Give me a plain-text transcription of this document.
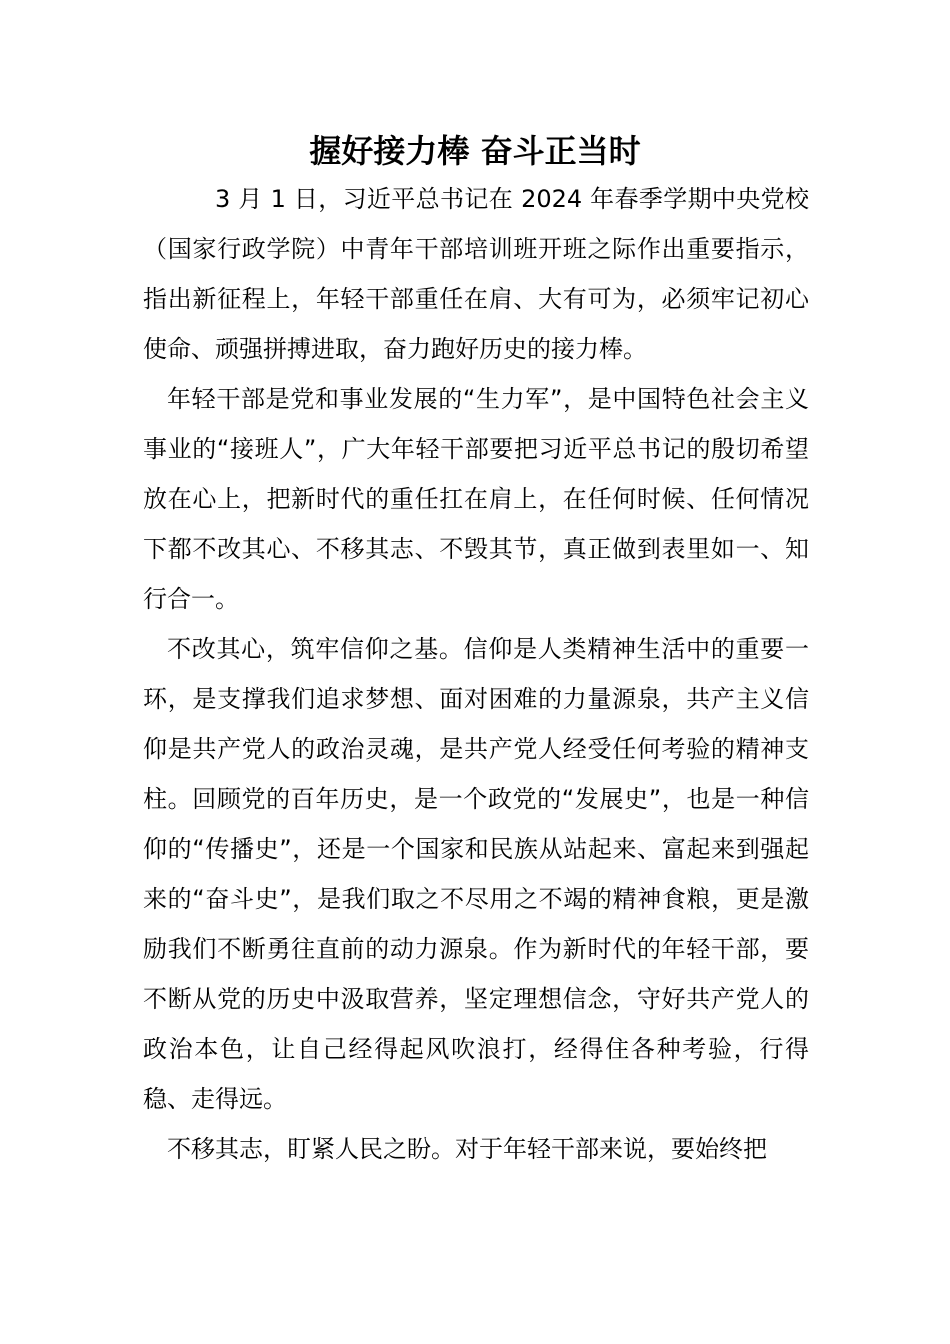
握好接力棒 奋斗正当时

3 月 1 日，习近平总书记在 2024 年春季学期中央党校（国家行政学院）中青年干部培训班开班之际作出重要指示，指出新征程上，年轻干部重任在肩、大有可为，必须牢记初心使命、顽强拼搏进取，奋力跑好历史的接力棒。

年轻干部是党和事业发展的“生力军”，是中国特色社会主义事业的“接班人”，广大年轻干部要把习近平总书记的殷切希望放在心上，把新时代的重任扛在肩上，在任何时候、任何情况下都不改其心、不移其志、不毁其节，真正做到表里如一、知行合一。

不改其心，筑牢信仰之基。信仰是人类精神生活中的重要一环，是支撑我们追求梦想、面对困难的力量源泉，共产主义信仰是共产党人的政治灵魂，是共产党人经受任何考验的精神支柱。回顾党的百年历史，是一个政党的“发展史”，也是一种信仰的“传播史”，还是一个国家和民族从站起来、富起来到强起来的“奋斗史”，是我们取之不尽用之不竭的精神食粮，更是激励我们不断勇往直前的动力源泉。作为新时代的年轻干部，要不断从党的历史中汲取营养，坚定理想信念，守好共产党人的政治本色，让自己经得起风吹浪打，经得住各种考验，行得稳、走得远。

不移其志，盯紧人民之盼。对于年轻干部来说，要始终把
